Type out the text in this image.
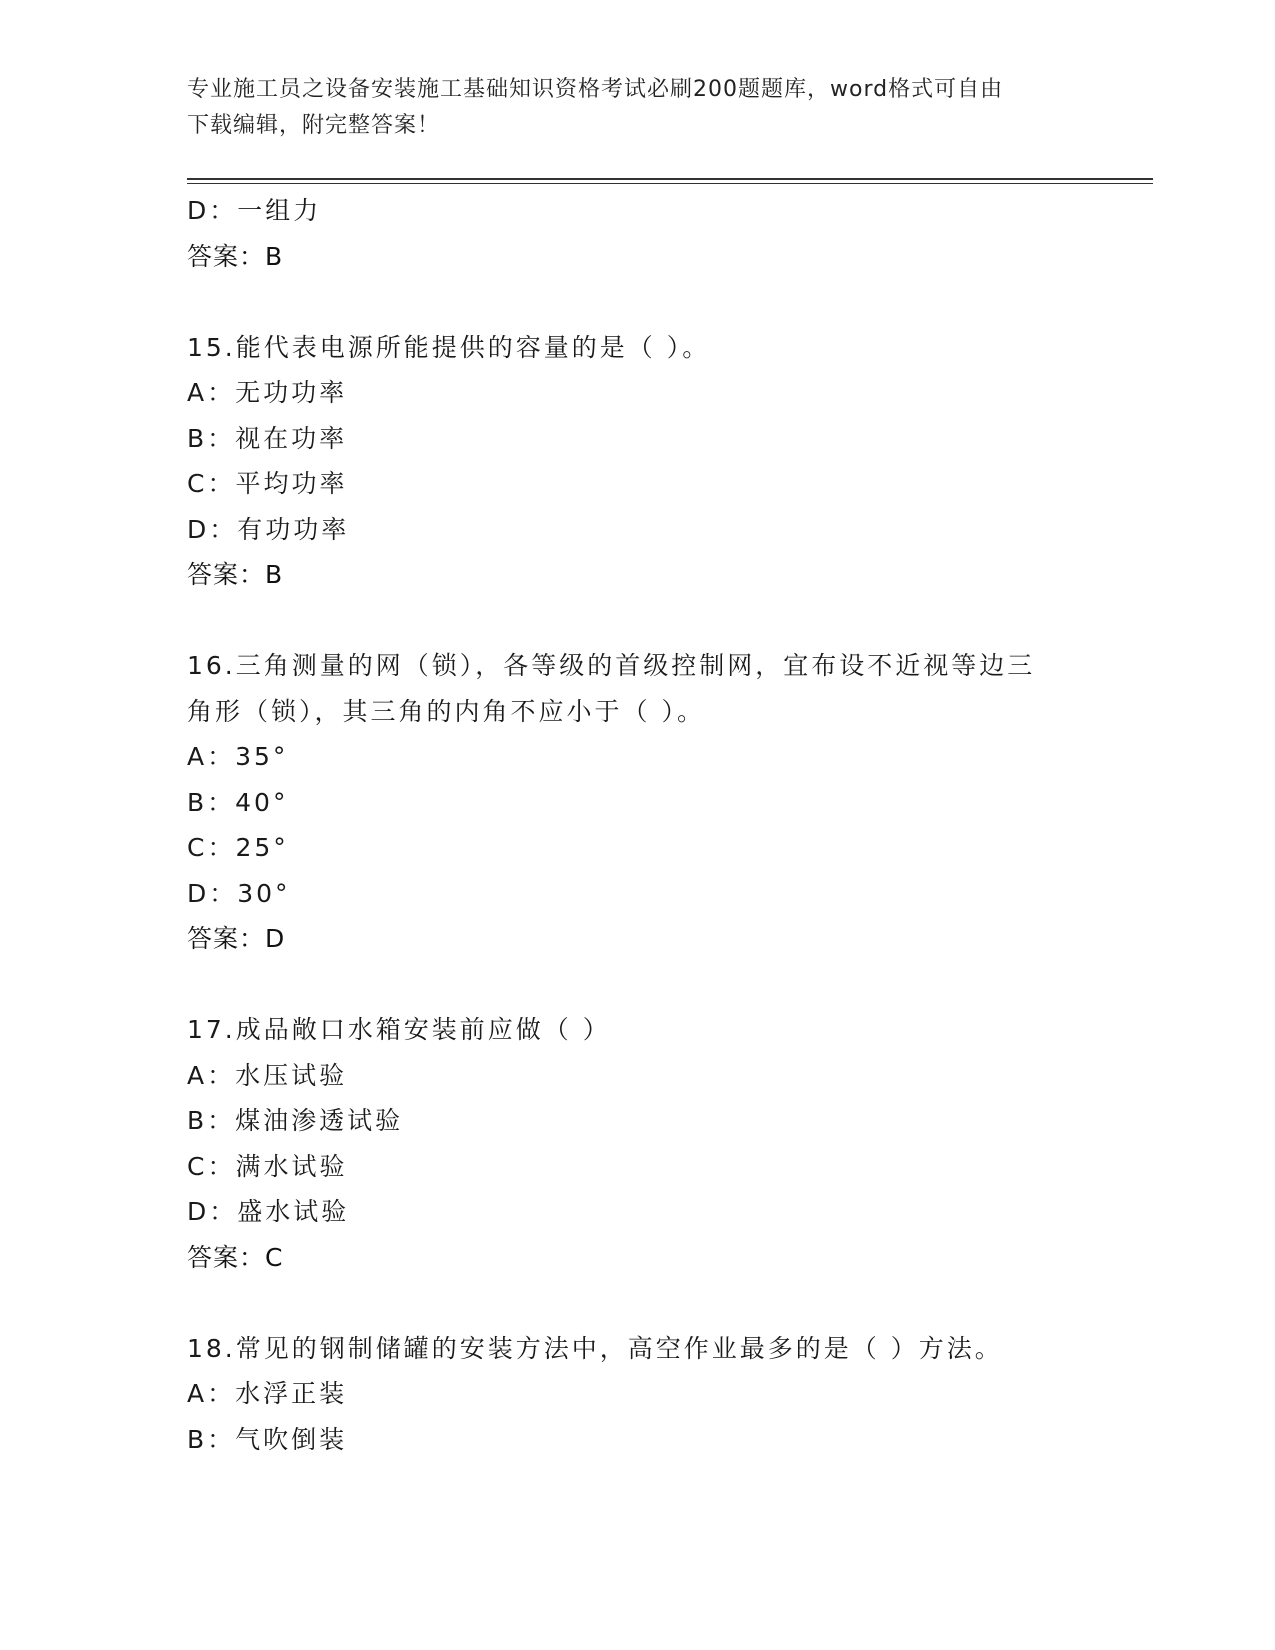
专业施工员之设备安装施工基础知识资格考试必刷200题题库，word格式可自由
下载编辑，附完整答案！
D：一组力
答案：B
15.能代表电源所能提供的容量的是（ ）。
A：无功功率
B：视在功率
C：平均功率
D：有功功率
答案：B
16.三角测量的网（锁），各等级的首级控制网，宜布设不近视等边三
角形（锁），其三角的内角不应小于（ ）。
A：35°
B：40°
C：25°
D：30°
答案：D
17.成品敞口水箱安装前应做（ ）
A：水压试验
B：煤油渗透试验
C：满水试验
D：盛水试验
答案：C
18.常见的钢制储罐的安装方法中，高空作业最多的是（ ）方法。
A：水浮正装
B：气吹倒装
